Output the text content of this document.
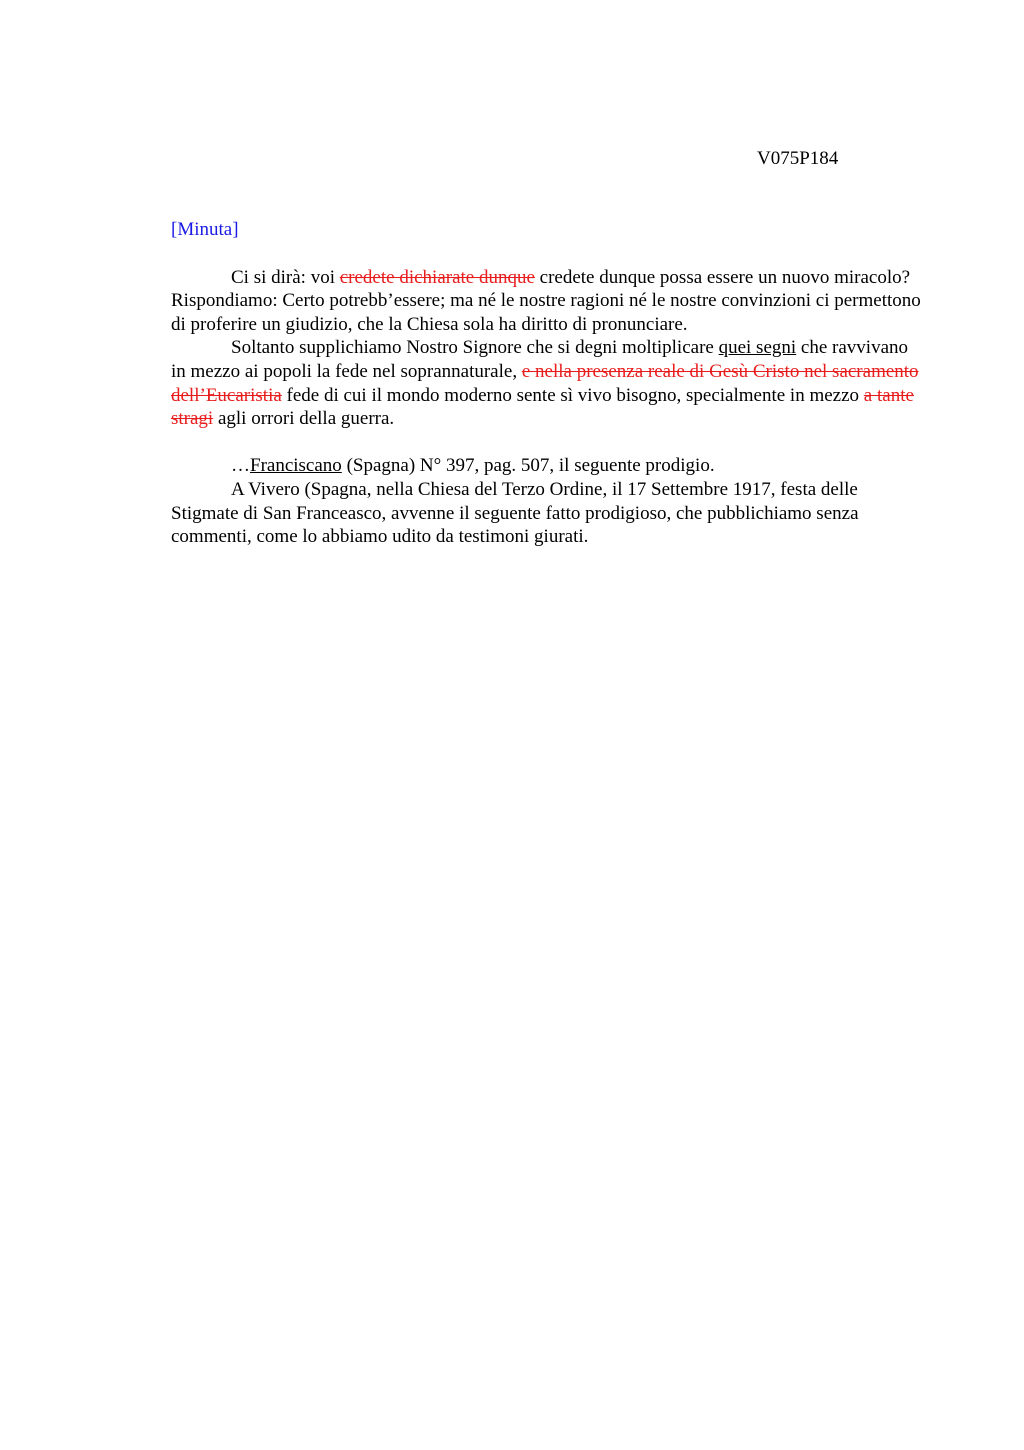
V075P184
[Minuta]

Ci si dirà: voi credete dichiarate dunque credete dunque possa essere un nuovo miracolo? Rispondiamo: Certo potrebb’essere; ma né le nostre ragioni né le nostre convinzioni ci permettono di proferire un giudizio, che la Chiesa sola ha diritto di pronunciare.

Soltanto supplichiamo Nostro Signore che si degni moltiplicare quei segni che ravvivano in mezzo ai popoli la fede nel soprannaturale, e nella presenza reale di Gesù Cristo nel sacramento dell’Eucaristia fede di cui il mondo moderno sente sì vivo bisogno, specialmente in mezzo a tante stragi agli orrori della guerra.

…Franciscano (Spagna) N° 397, pag. 507, il seguente prodigio.

A Vivero (Spagna, nella Chiesa del Terzo Ordine, il 17 Settembre 1917, festa delle Stigmate di San Franceasco, avvenne il seguente fatto prodigioso, che pubblichiamo senza commenti, come lo abbiamo udito da testimoni giurati.
